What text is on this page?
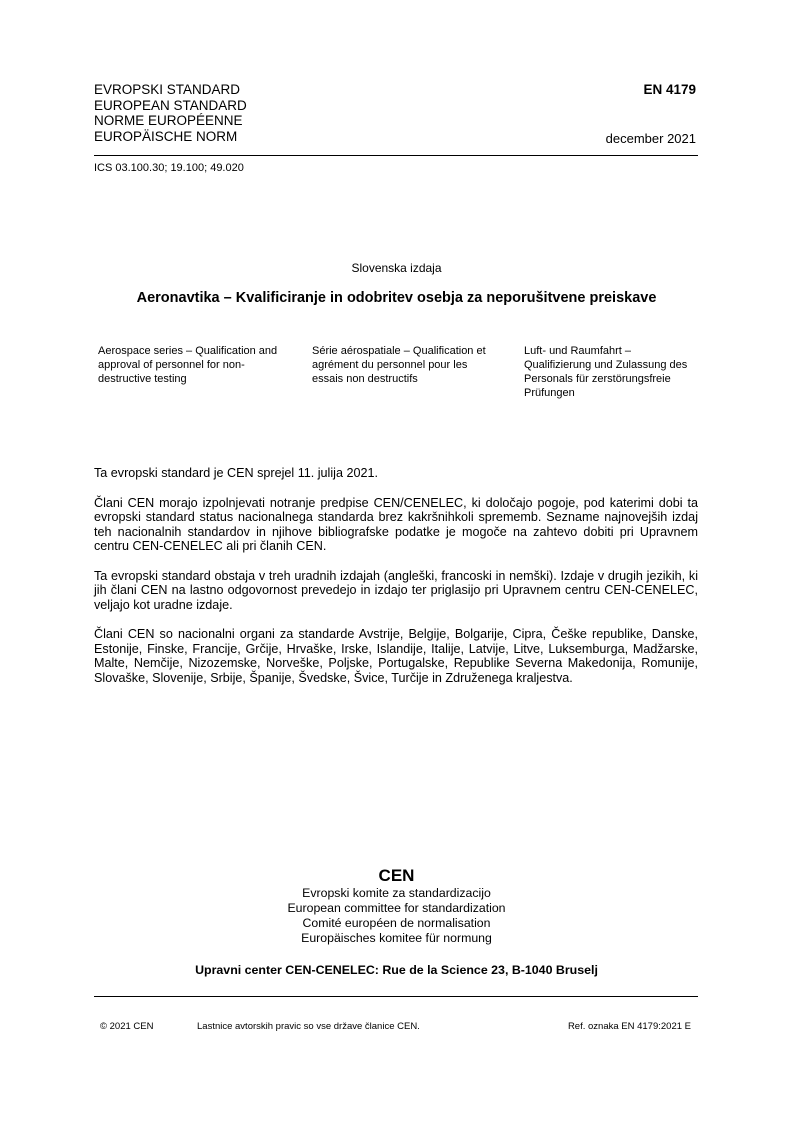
EVROPSKI STANDARD
EUROPEAN STANDARD
NORME EUROPÉENNE
EUROPÄISCHE NORM
EN 4179
december 2021
ICS 03.100.30; 19.100; 49.020
Slovenska izdaja
Aeronavtika – Kvalificiranje in odobritev osebja za neporušitvene preiskave
Aerospace series – Qualification and approval of personnel for non-destructive testing
Série aérospatiale – Qualification et agrément du personnel pour les essais non destructifs
Luft- und Raumfahrt – Qualifizierung und Zulassung des Personals für zerstörungsfreie Prüfungen

Ta evropski standard je CEN sprejel 11. julija 2021.

Člani CEN morajo izpolnjevati notranje predpise CEN/CENELEC, ki določajo pogoje, pod katerimi dobi ta evropski standard status nacionalnega standarda brez kakršnihkoli sprememb. Sezname najnovejših izdaj teh nacionalnih standardov in njihove bibliografske podatke je mogoče na zahtevo dobiti pri Upravnem centru CEN-CENELEC ali pri članih CEN.

Ta evropski standard obstaja v treh uradnih izdajah (angleški, francoski in nemški). Izdaje v drugih jezikih, ki jih člani CEN na lastno odgovornost prevedejo in izdajo ter priglasijo pri Upravnem centru CEN-CENELEC, veljajo kot uradne izdaje.

Člani CEN so nacionalni organi za standarde Avstrije, Belgije, Bolgarije, Cipra, Češke republike, Danske, Estonije, Finske, Francije, Grčije, Hrvaške, Irske, Islandije, Italije, Latvije, Litve, Luksemburga, Madžarske, Malte, Nemčije, Nizozemske, Norveške, Poljske, Portugalske, Republike Severna Makedonija, Romunije, Slovaške, Slovenije, Srbije, Španije, Švedske, Švice, Turčije in Združenega kraljestva.

CEN
Evropski komite za standardizacijo
European committee for standardization
Comité européen de normalisation
Europäisches komitee für normung
Upravni center CEN-CENELEC: Rue de la Science 23, B-1040 Bruselj
© 2021 CEN	Lastnice avtorskih pravic so vse države članice CEN.	Ref. oznaka EN 4179:2021 E
